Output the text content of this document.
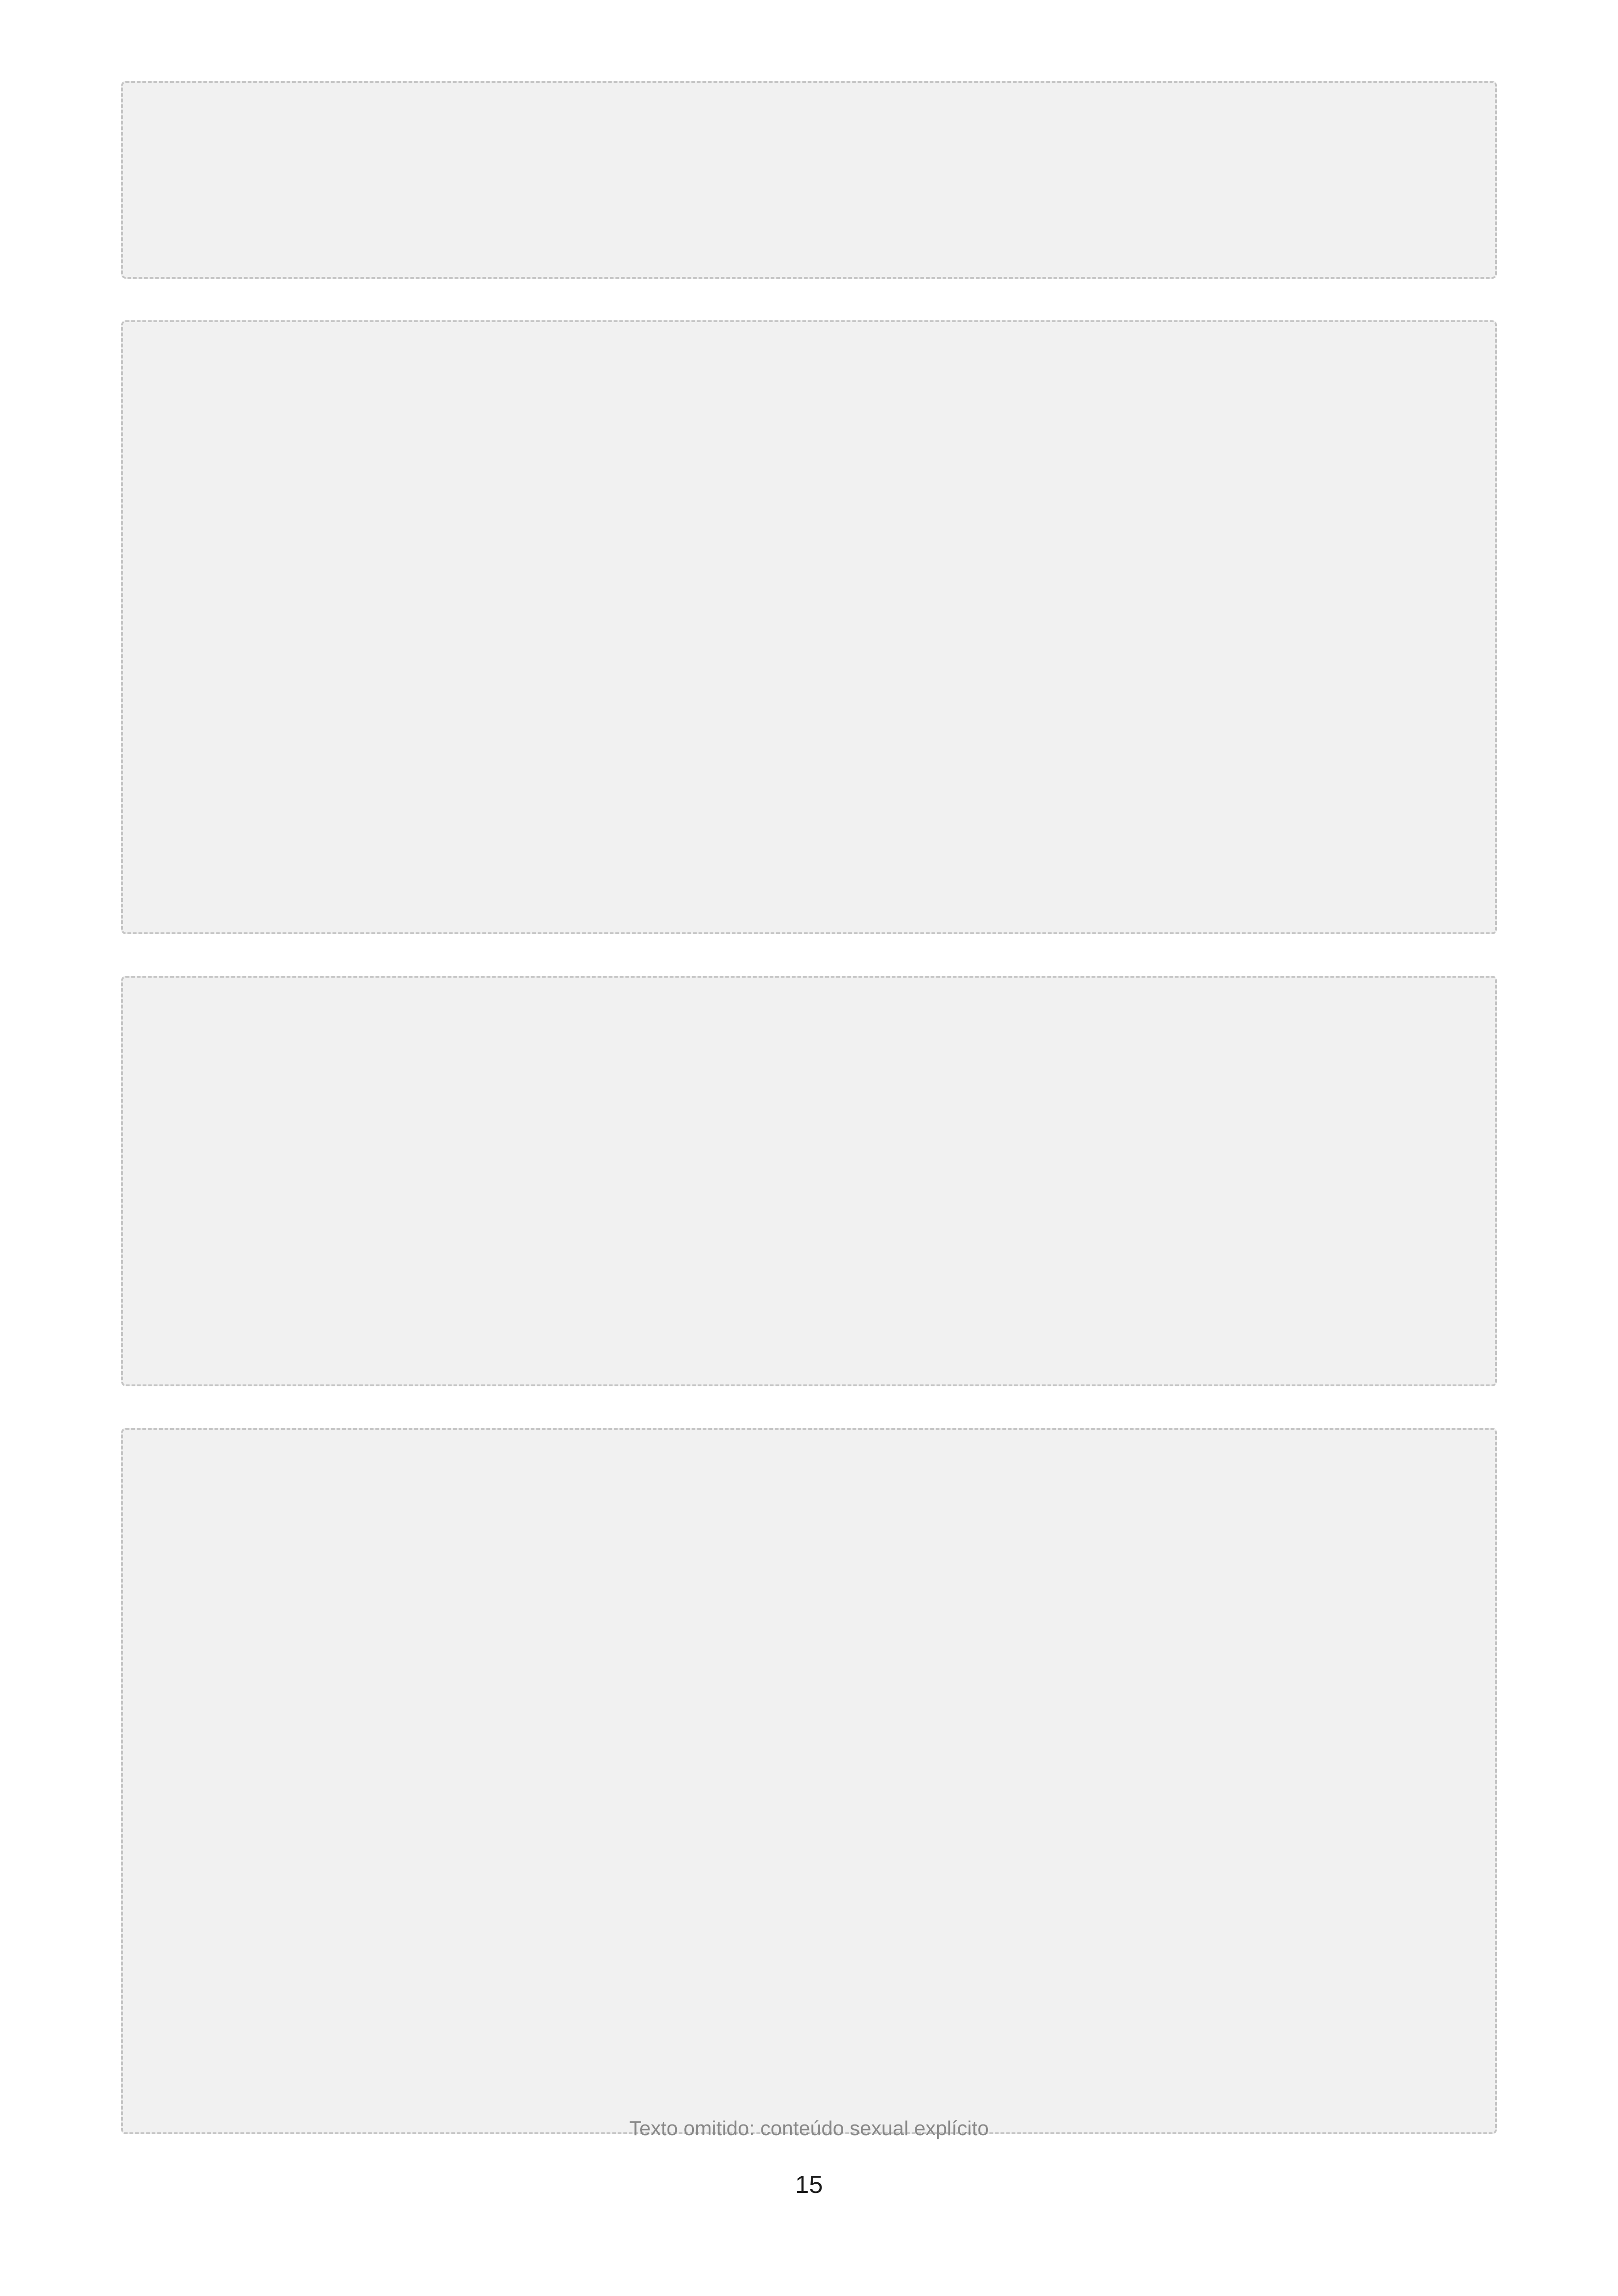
Texto omitido: conteúdo sexual explícito
15
